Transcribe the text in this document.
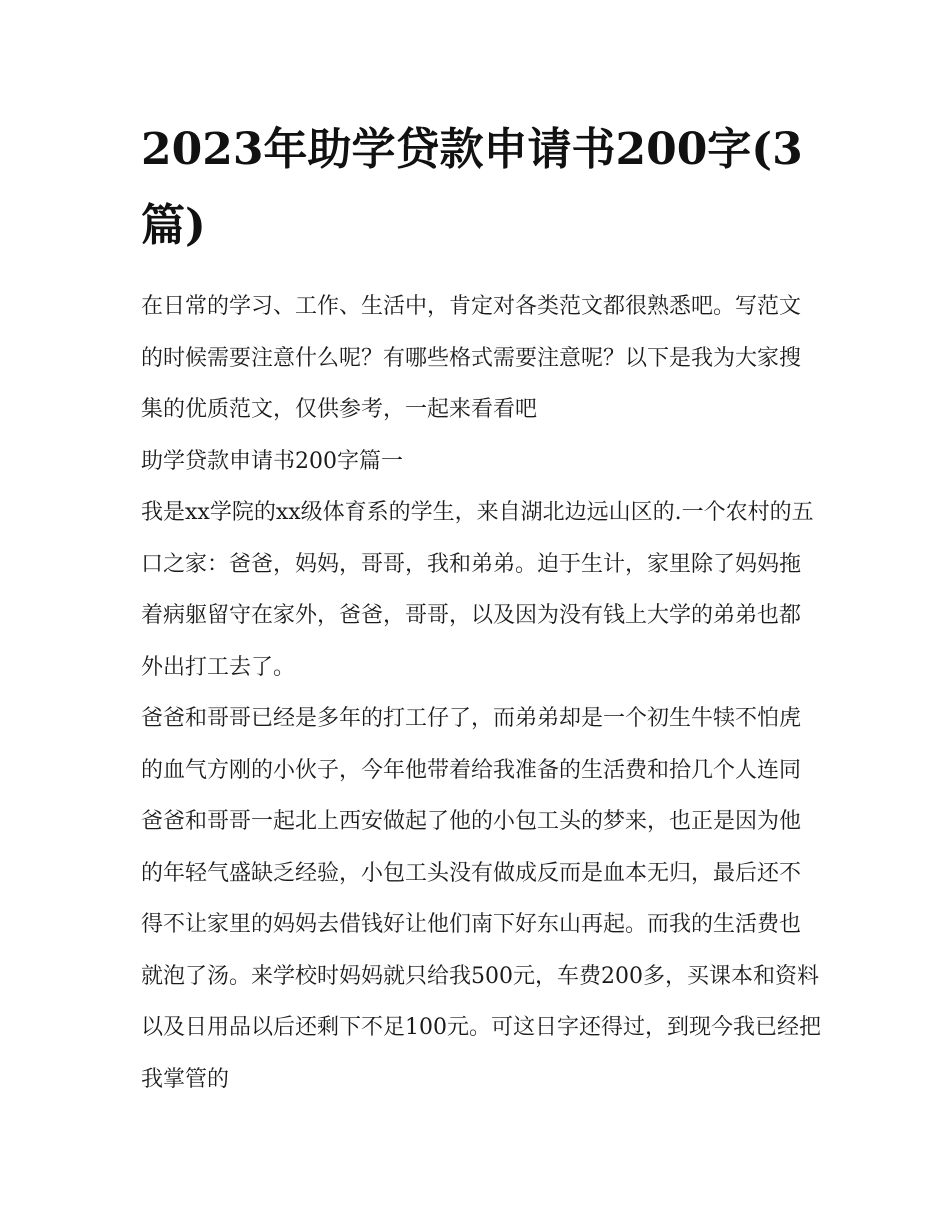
2023年助学贷款申请书200字(3篇)

在日常的学习、工作、生活中，肯定对各类范文都很熟悉吧。写范文的时候需要注意什么呢？有哪些格式需要注意呢？以下是我为大家搜集的优质范文，仅供参考，一起来看看吧

助学贷款申请书200字篇一

我是xx学院的xx级体育系的学生，来自湖北边远山区的.一个农村的五口之家：爸爸，妈妈，哥哥，我和弟弟。迫于生计，家里除了妈妈拖着病躯留守在家外，爸爸，哥哥，以及因为没有钱上大学的弟弟也都外出打工去了。

爸爸和哥哥已经是多年的打工仔了，而弟弟却是一个初生牛犊不怕虎的血气方刚的小伙子，今年他带着给我准备的生活费和拾几个人连同爸爸和哥哥一起北上西安做起了他的小包工头的梦来，也正是因为他的年轻气盛缺乏经验，小包工头没有做成反而是血本无归，最后还不得不让家里的妈妈去借钱好让他们南下好东山再起。而我的生活费也就泡了汤。来学校时妈妈就只给我500元，车费200多，买课本和资料以及日用品以后还剩下不足100元。可这日字还得过，到现今我已经把我掌管的
